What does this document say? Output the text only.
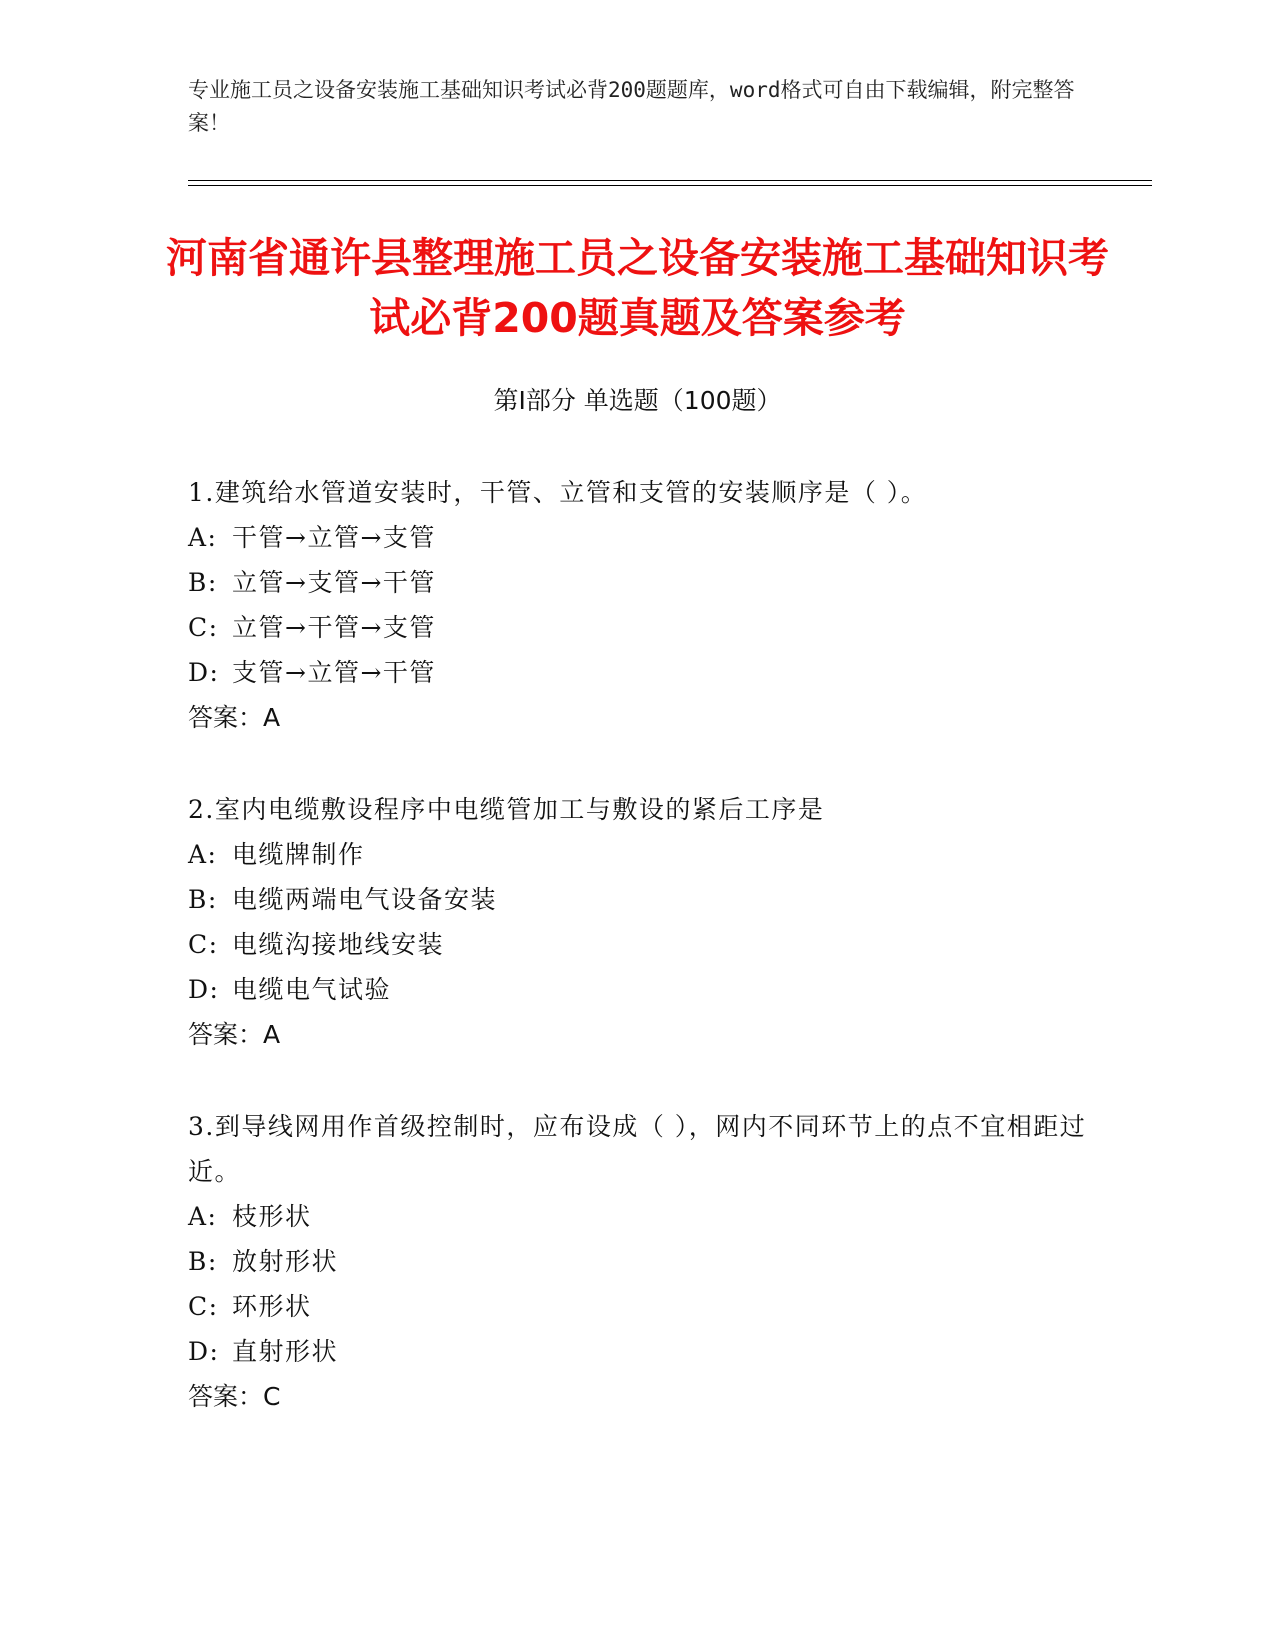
专业施工员之设备安装施工基础知识考试必背200题题库，word格式可自由下载编辑，附完整答案！
河南省通许县整理施工员之设备安装施工基础知识考试必背200题真题及答案参考
第Ⅰ部分 单选题（100题）
1.建筑给水管道安装时，干管、立管和支管的安装顺序是（ ）。
A: 干管→立管→支管
B: 立管→支管→干管
C: 立管→干管→支管
D: 支管→立管→干管
答案：A
2.室内电缆敷设程序中电缆管加工与敷设的紧后工序是
A: 电缆牌制作
B: 电缆两端电气设备安装
C: 电缆沟接地线安装
D: 电缆电气试验
答案：A
3.到导线网用作首级控制时，应布设成（ ），网内不同环节上的点不宜相距过近。
A: 枝形状
B: 放射形状
C: 环形状
D: 直射形状
答案：C
